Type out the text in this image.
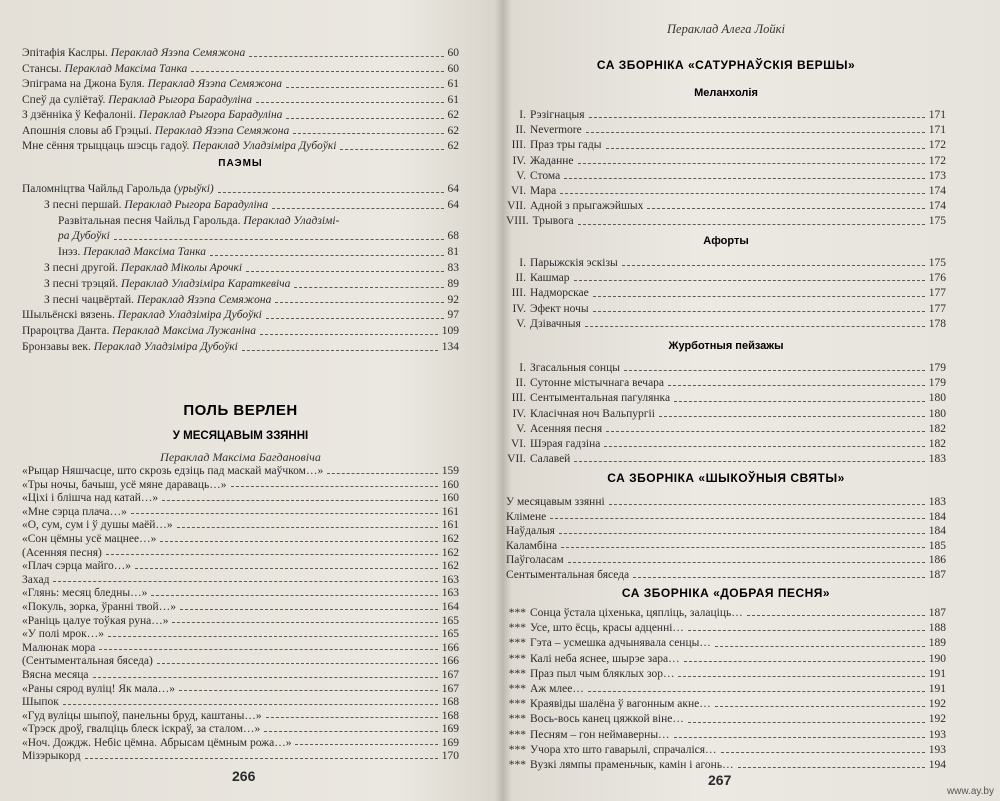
Эпітафія Каслры. Пераклад Язэпа Семяжона	60
Стансы. Пераклад Максіма Танка	60
Эпіграма на Джона Буля. Пераклад Язэпа Семяжона	61
Спеў да суліётаў. Пераклад Рыгора Барадуліна	61
З дзённіка ў Кефалоніі. Пераклад Рыгора Барадуліна	62
Апошнія словы аб Грэцыі. Пераклад Язэпа Семяжона	62
Мне сёння трыццаць шэсць гадоў. Пераклад Уладзіміра Дубоўкі	62
ПАЭМЫ
Паломніцтва Чайльд Гарольда (урыўкі)	64
З песні першай. Пераклад Рыгора Барадуліна	64
Развітальная песня Чайльд Гарольда. Пераклад Уладзімі-
ра Дубоўкі	68
Інэз. Пераклад Максіма Танка	81
З песні другой. Пераклад Міколы Арочкі	83
З песні трэцяй. Пераклад Уладзіміра Караткевіча	89
З песні чацвёртай. Пераклад Язэпа Семяжона	92
Шыльёнскі вязень. Пераклад Уладзіміра Дубоўкі	97
Прароцтва Данта. Пераклад Максіма Лужаніна	109
Бронзавы век. Пераклад Уладзіміра Дубоўкі	134
ПОЛЬ ВЕРЛЕН
У МЕСЯЦАВЫМ ЗЗЯННІ
Пераклад Максіма Багдановіча
«Рыцар Няшчасце, што скрозь едзіць пад маскай маўчком…»	159
«Тры ночы, бачыш, усё мяне дараваць…»	160
«Ціхі і блішча над катай…»	160
«Мне сэрца плача…»	161
«О, сум, сум і ў душы маёй…»	161
«Сон цёмны усё мацнее…»	162
(Асенняя песня)	162
«Плач сэрца майго…»	162
Захад	163
«Глянь: месяц бледны…»	163
«Покуль, зорка, ўранні твой…»	164
«Раніць цалуе тоўкая руна…»	165
«У полі мрок…»	165
Малюнак мора	166
(Сентыментальная бяседа)	166
Вясна месяца	167
«Раны сярод вуліц! Як мала…»	167
Шыпок	168
«Гуд вуліцы шыпоў, панельны бруд, каштаны…»	168
«Трэск дроў, гвалціць блеск іскраў, за сталом…»	169
«Ноч. Дождж. Небіс цёмна. Абрысам цёмным рожа…»	169
Мізэрыкорд	170
266
Пераклад Алега Лойкі
СА ЗБОРНІКА «САТУРНАЎСКІЯ ВЕРШЫ»
Меланхолія
I. Рэзігнацыя	171
II. Nevermore	171
III. Праз тры гады	172
IV. Жаданне	172
V. Стома	173
VI. Мара	174
VII. Адной з прыгажэйшых	174
VIII. Трывога	175
Афорты
I. Парыжскія эскізы	175
II. Кашмар	176
III. Надморскае	177
IV. Эфект ночы	177
V. Дзівачныя	178
Журботныя пейзажы
I. Згасальныя сонцы	179
II. Сутонне містычнага вечара	179
III. Сентыментальная пагулянка	180
IV. Класічная ноч Вальпургіі	180
V. Асенняя песня	182
VI. Шэрая гадзіна	182
VII. Салавей	183
СА ЗБОРНІКА «ШЫКОЎНЫЯ СВЯТЫ»
У месяцавым ззянні	183
Клімене	184
Наўдалыя	184
Каламбіна	185
Паўголасам	186
Сентыментальная бяседа	187
СА ЗБОРНІКА «ДОБРАЯ ПЕСНЯ»
*** Сонца ўстала ціхенька, цяпліць, залаціць…	187
*** Усе, што ёсць, красы адценні…	188
*** Гэта – усмешка адчынявала сенцы…	189
*** Калі неба яснее, шырэе зара…	190
*** Праз пыл чым бляклых зор…	191
*** Аж млее…	191
*** Краявіды шалёна ў вагонным акне…	192
*** Вось-вось канец цяжкой віне…	192
*** Песням – гон неймаверны…	193
*** Учора хто што гаварылі, спрачаліся…	193
*** Вузкі лямпы праменьчык, камін і агонь…	194
267
www.ay.by
